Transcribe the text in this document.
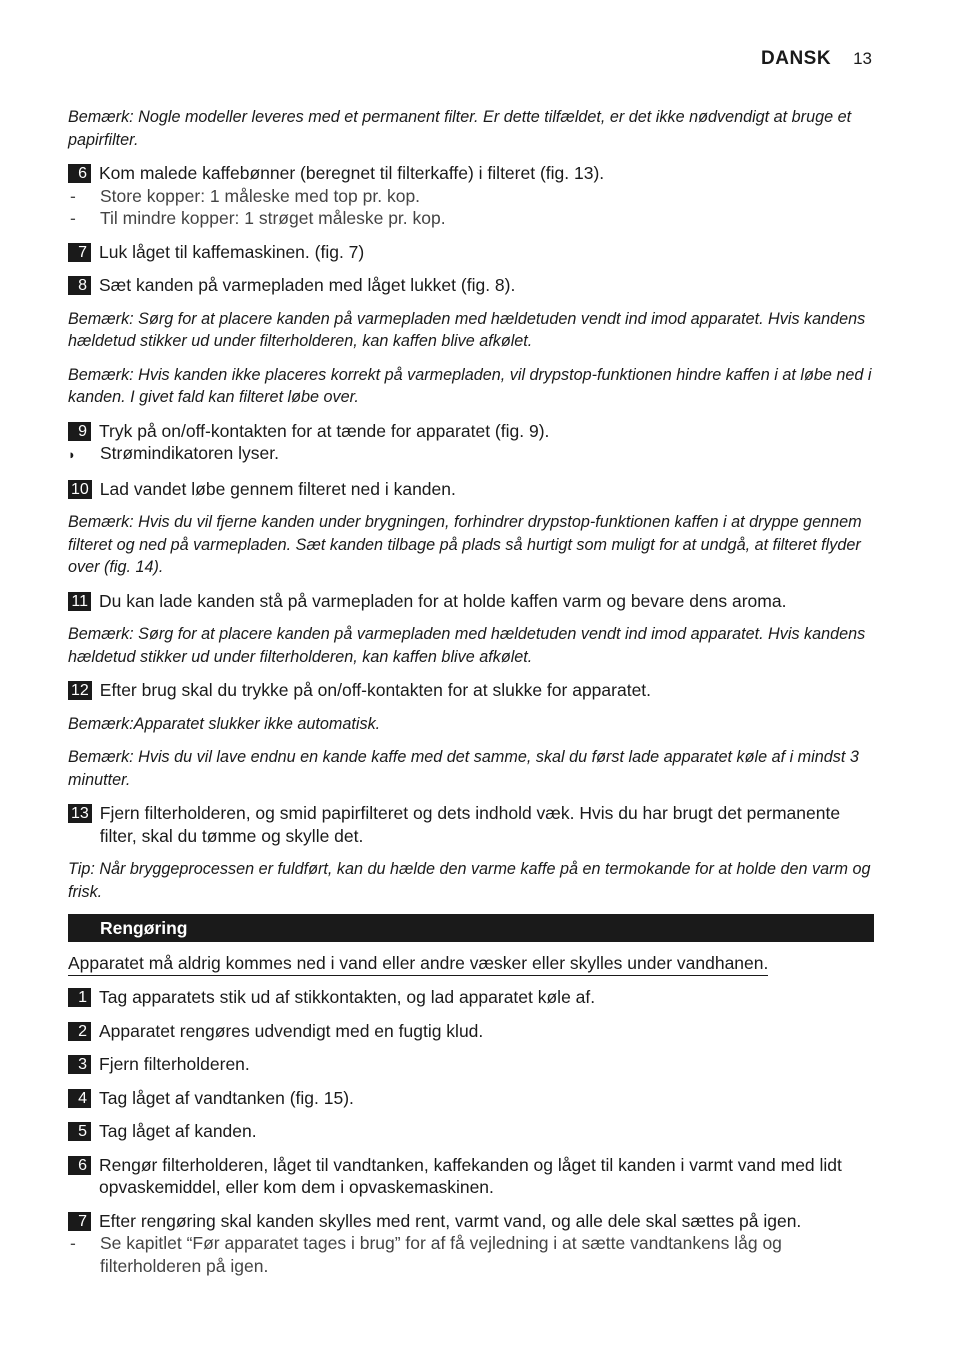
DANSK 13

Bemærk: Nogle modeller leveres med et permanent filter. Er dette tilfældet, er det ikke nødvendigt at bruge et papirfilter.

6 Kom malede kaffebønner (beregnet til filterkaffe) i filteret (fig. 13).
-	Store kopper: 1 måleske med top pr. kop.
-	Til mindre kopper: 1 strøget måleske pr. kop.
7 Luk låget til kaffemaskinen. (fig. 7)
8 Sæt kanden på varmepladen med låget lukket (fig. 8).

Bemærk: Sørg for at placere kanden på varmepladen med hældetuden vendt ind imod apparatet. Hvis kandens hældetud stikker ud under filterholderen, kan kaffen blive afkølet.

Bemærk: Hvis kanden ikke placeres korrekt på varmepladen, vil drypstop-funktionen hindre kaffen i at løbe ned i kanden. I givet fald kan filteret løbe over.

9 Tryk på on/off-kontakten for at tænde for apparatet (fig. 9).
◗	Strømindikatoren lyser.
10 Lad vandet løbe gennem filteret ned i kanden.

Bemærk: Hvis du vil fjerne kanden under brygningen, forhindrer drypstop-funktionen kaffen i at dryppe gennem filteret og ned på varmepladen. Sæt kanden tilbage på plads så hurtigt som muligt for at undgå, at filteret flyder over (fig. 14).

11 Du kan lade kanden stå på varmepladen for at holde kaffen varm og bevare dens aroma.

Bemærk: Sørg for at placere kanden på varmepladen med hældetuden vendt ind imod apparatet. Hvis kandens hældetud stikker ud under filterholderen, kan kaffen blive afkølet.

12 Efter brug skal du trykke på on/off-kontakten for at slukke for apparatet.

Bemærk:Apparatet slukker ikke automatisk.

Bemærk: Hvis du vil lave endnu en kande kaffe med det samme, skal du først lade apparatet køle af i mindst 3 minutter.

13 Fjern filterholderen, og smid papirfilteret og dets indhold væk. Hvis du har brugt det permanente filter, skal du tømme og skylle det.

Tip: Når bryggeprocessen er fuldført, kan du hælde den varme kaffe på en termokande for at holde den varm og frisk.

Rengøring
Apparatet må aldrig kommes ned i vand eller andre væsker eller skylles under vandhanen.
1 Tag apparatets stik ud af stikkontakten, og lad apparatet køle af.
2 Apparatet rengøres udvendigt med en fugtig klud.
3 Fjern filterholderen.
4 Tag låget af vandtanken (fig. 15).
5 Tag låget af kanden.
6 Rengør filterholderen, låget til vandtanken, kaffekanden og låget til kanden i varmt vand med lidt opvaskemiddel, eller kom dem i opvaskemaskinen.
7 Efter rengøring skal kanden skylles med rent, varmt vand, og alle dele skal sættes på igen.
-	Se kapitlet “Før apparatet tages i brug” for af få vejledning i at sætte vandtankens låg og filterholderen på igen.
